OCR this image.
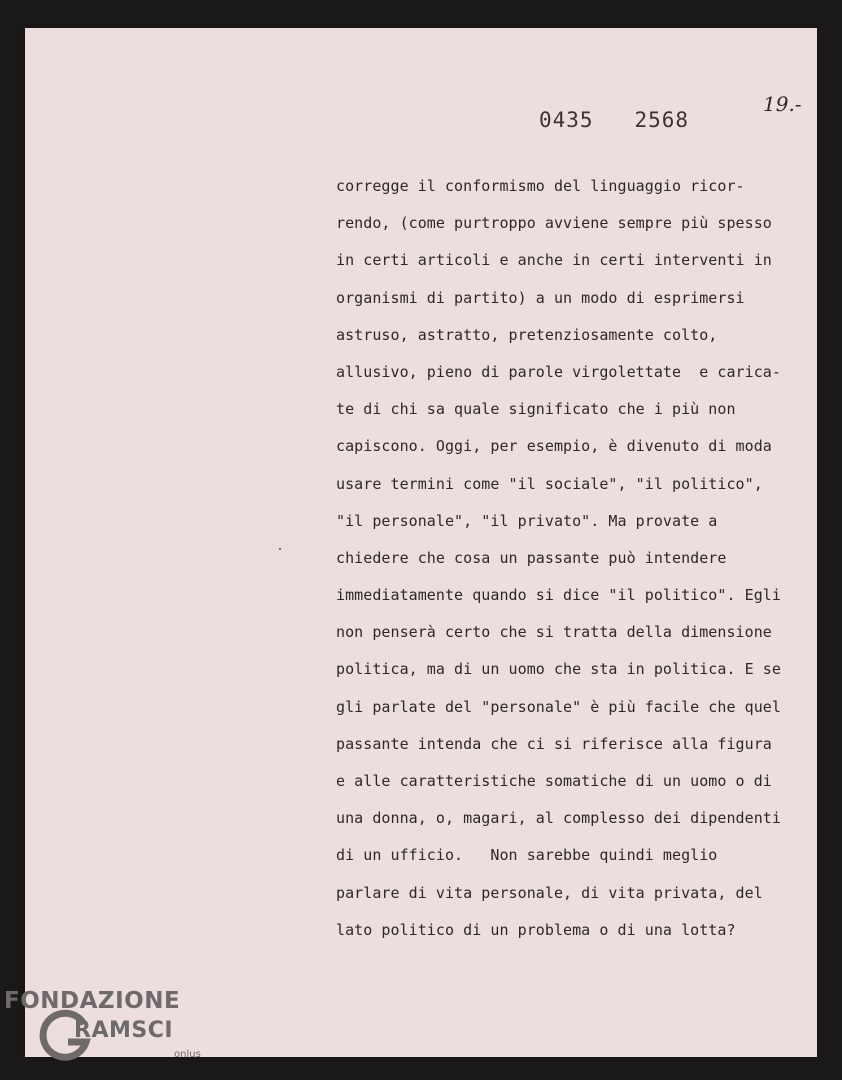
0435   2568
19.-
corregge il conformismo del linguaggio ricor-
rendo, (come purtroppo avviene sempre più spesso
in certi articoli e anche in certi interventi in
organismi di partito) a un modo di esprimersi
astruso, astratto, pretenziosamente colto,
allusivo, pieno di parole virgolettate  e carica-
te di chi sa quale significato che i più non
capiscono. Oggi, per esempio, è divenuto di moda
usare termini come "il sociale", "il politico",
"il personale", "il privato". Ma provate a
chiedere che cosa un passante può intendere
immediatamente quando si dice "il politico". Egli
non penserà certo che si tratta della dimensione
politica, ma di un uomo che sta in politica. E se
gli parlate del "personale" è più facile che quel
passante intenda che ci si riferisce alla figura
e alle caratteristiche somatiche di un uomo o di
una donna, o, magari, al complesso dei dipendenti
di un ufficio.   Non sarebbe quindi meglio
parlare di vita personale, di vita privata, del
lato politico di un problema o di una lotta?
FONDAZIONE
RAMSCI
onlus
